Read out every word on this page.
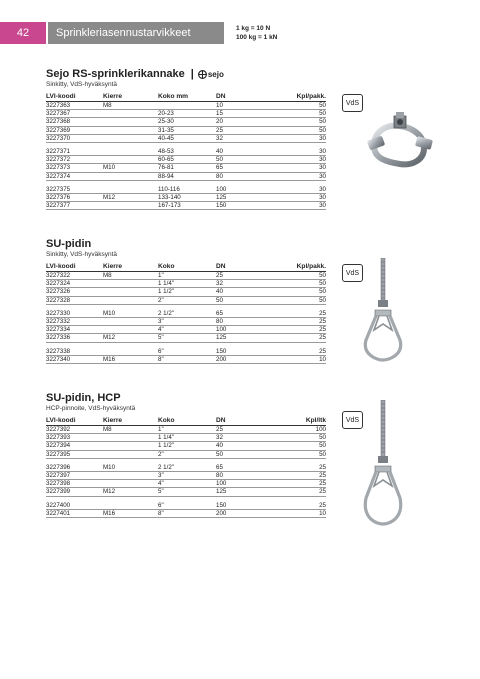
42	Sprinkleriasennustarvikkeet	1 kg = 10 N
100 kg = 1 kN
Sejo RS-sprinklerikannake | sejo
Sinkitty, VdS-hyväksyntä
LVI-koodi	Kierre	Koko mm	DN	Kpl/pakk.
3227363	M8		10	50
3227367		20-23	15	50
3227368		25-30	20	50
3227369		31-35	25	50
3227370		40-45	32	30

3227371		48-53	40	30
3227372		60-65	50	30
3227373	M10	76-81	65	30
3227374		88-94	80	30

3227375		110-116	100	30
3227376	M12	133-140	125	30
3227377		167-173	150	30
VdS
SU-pidin
Sinkitty, VdS-hyväksyntä
LVI-koodi	Kierre	Koko	DN	Kpl/pakk.
3227322	M8	1"	25	50
3227324		1 1/4"	32	50
3227326		1 1/2"	40	50
3227328		2"	50	50

3227330	M10	2 1/2"	65	25
3227332		3"	80	25
3227334		4"	100	25
3227336	M12	5"	125	25

3227338		6"	150	25
3227340	M16	8"	200	10
VdS
SU-pidin, HCP
HCP-pinnoite, VdS-hyväksyntä
LVI-koodi	Kierre	Koko	DN	Kpl/ltk
3227392	M8	1"	25	100
3227393		1 1/4"	32	50
3227394		1 1/2"	40	50
3227395		2"	50	50

3227396	M10	2 1/2"	65	25
3227397		3"	80	25
3227398		4"	100	25
3227399	M12	5"	125	25

3227400		6"	150	25
3227401	M16	8"	200	10
VdS
